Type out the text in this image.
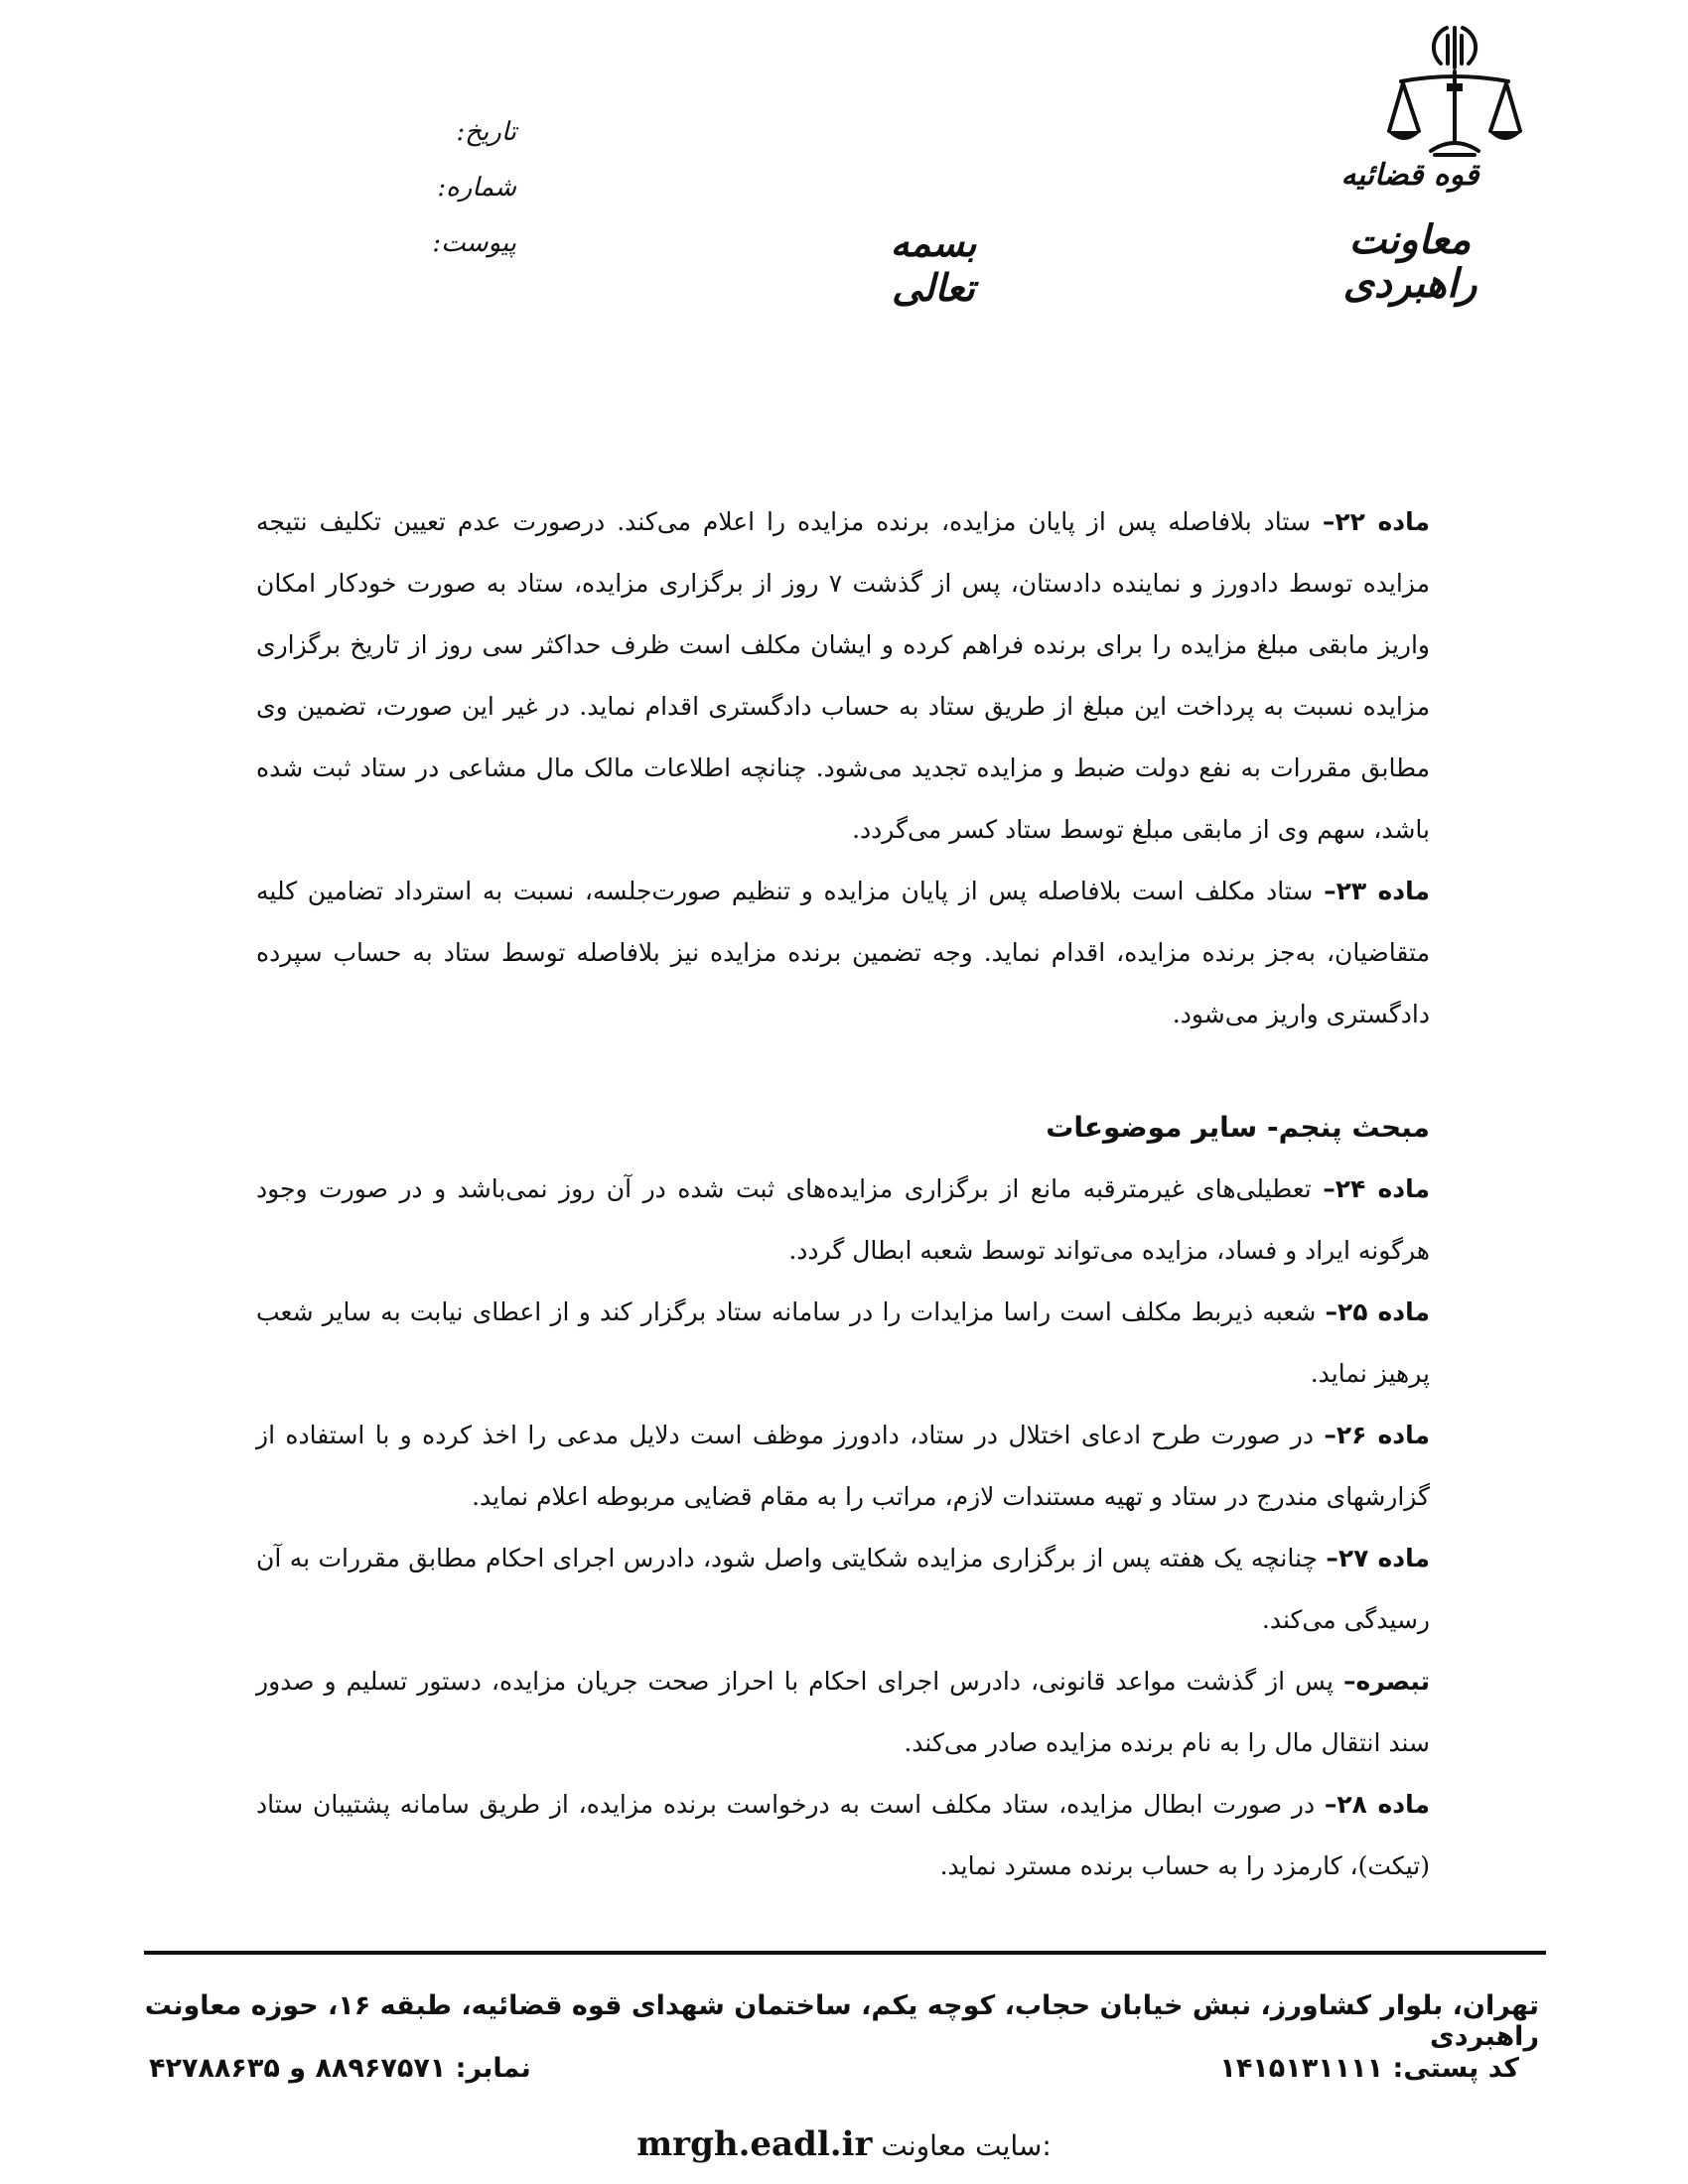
قوه قضائیه
معاونت راهبردی
بسمه تعالی
تاریخ:
شماره:
پیوست:

ماده ۲۲– ستاد بلافاصله پس از پایان مزایده، برنده مزایده را اعلام می‌کند. درصورت عدم تعیین تکلیف نتیجه مزایده توسط دادورز و نماینده دادستان، پس از گذشت ۷ روز از برگزاری مزایده، ستاد به صورت خودکار امکان واریز مابقی مبلغ مزایده را برای برنده فراهم کرده و ایشان مکلف است ظرف حداکثر سی روز از تاریخ برگزاری مزایده نسبت به پرداخت این مبلغ از طریق ستاد به حساب دادگستری اقدام نماید. در غیر این صورت، تضمین وی مطابق مقررات به نفع دولت ضبط و مزایده تجدید می‌شود. چنانچه اطلاعات مالک مال مشاعی در ستاد ثبت شده باشد، سهم وی از مابقی مبلغ توسط ستاد کسر می‌گردد.

ماده ۲۳– ستاد مکلف است بلافاصله پس از پایان مزایده و تنظیم صورت‌جلسه، نسبت به استرداد تضامین کلیه متقاضیان، به‌جز برنده مزایده، اقدام نماید. وجه تضمین برنده مزایده نیز بلافاصله توسط ستاد به حساب سپرده دادگستری واریز می‌شود.

مبحث پنجم- سایر موضوعات

ماده ۲۴– تعطیلی‌های غیرمترقبه مانع از برگزاری مزایده‌های ثبت شده در آن روز نمی‌باشد و در صورت وجود هرگونه ایراد و فساد، مزایده می‌تواند توسط شعبه ابطال گردد.

ماده ۲۵– شعبه ذیربط مکلف است راسا مزایدات را در سامانه ستاد برگزار کند و از اعطای نیابت به سایر شعب پرهیز نماید.

ماده ۲۶– در صورت طرح ادعای اختلال در ستاد، دادورز موظف است دلایل مدعی را اخذ کرده و با استفاده از گزارشهای مندرج در ستاد و تهیه مستندات لازم، مراتب را به مقام قضایی مربوطه اعلام نماید.

ماده ۲۷– چنانچه یک هفته پس از برگزاری مزایده شکایتی واصل شود، دادرس اجرای احکام مطابق مقررات به آن رسیدگی می‌کند.

تبصره– پس از گذشت مواعد قانونی، دادرس اجرای احکام با احراز صحت جریان مزایده، دستور تسلیم و صدور سند انتقال مال را به نام برنده مزایده صادر می‌کند.

ماده ۲۸– در صورت ابطال مزایده، ستاد مکلف است به درخواست برنده مزایده، از طریق سامانه پشتیبان ستاد (تیکت)، کارمزد را به حساب برنده مسترد نماید.

تهران، بلوار کشاورز، نبش خیابان حجاب، کوچه یکم، ساختمان شهدای قوه قضائیه، طبقه ۱۶، حوزه معاونت راهبردی
کد پستی: ۱۴۱۵۱۳۱۱۱۱
نمابر: ۸۸۹۶۷۵۷۱ و ۴۲۷۸۸۶۳۵
mrgh.eadl.ir سایت معاونت:
